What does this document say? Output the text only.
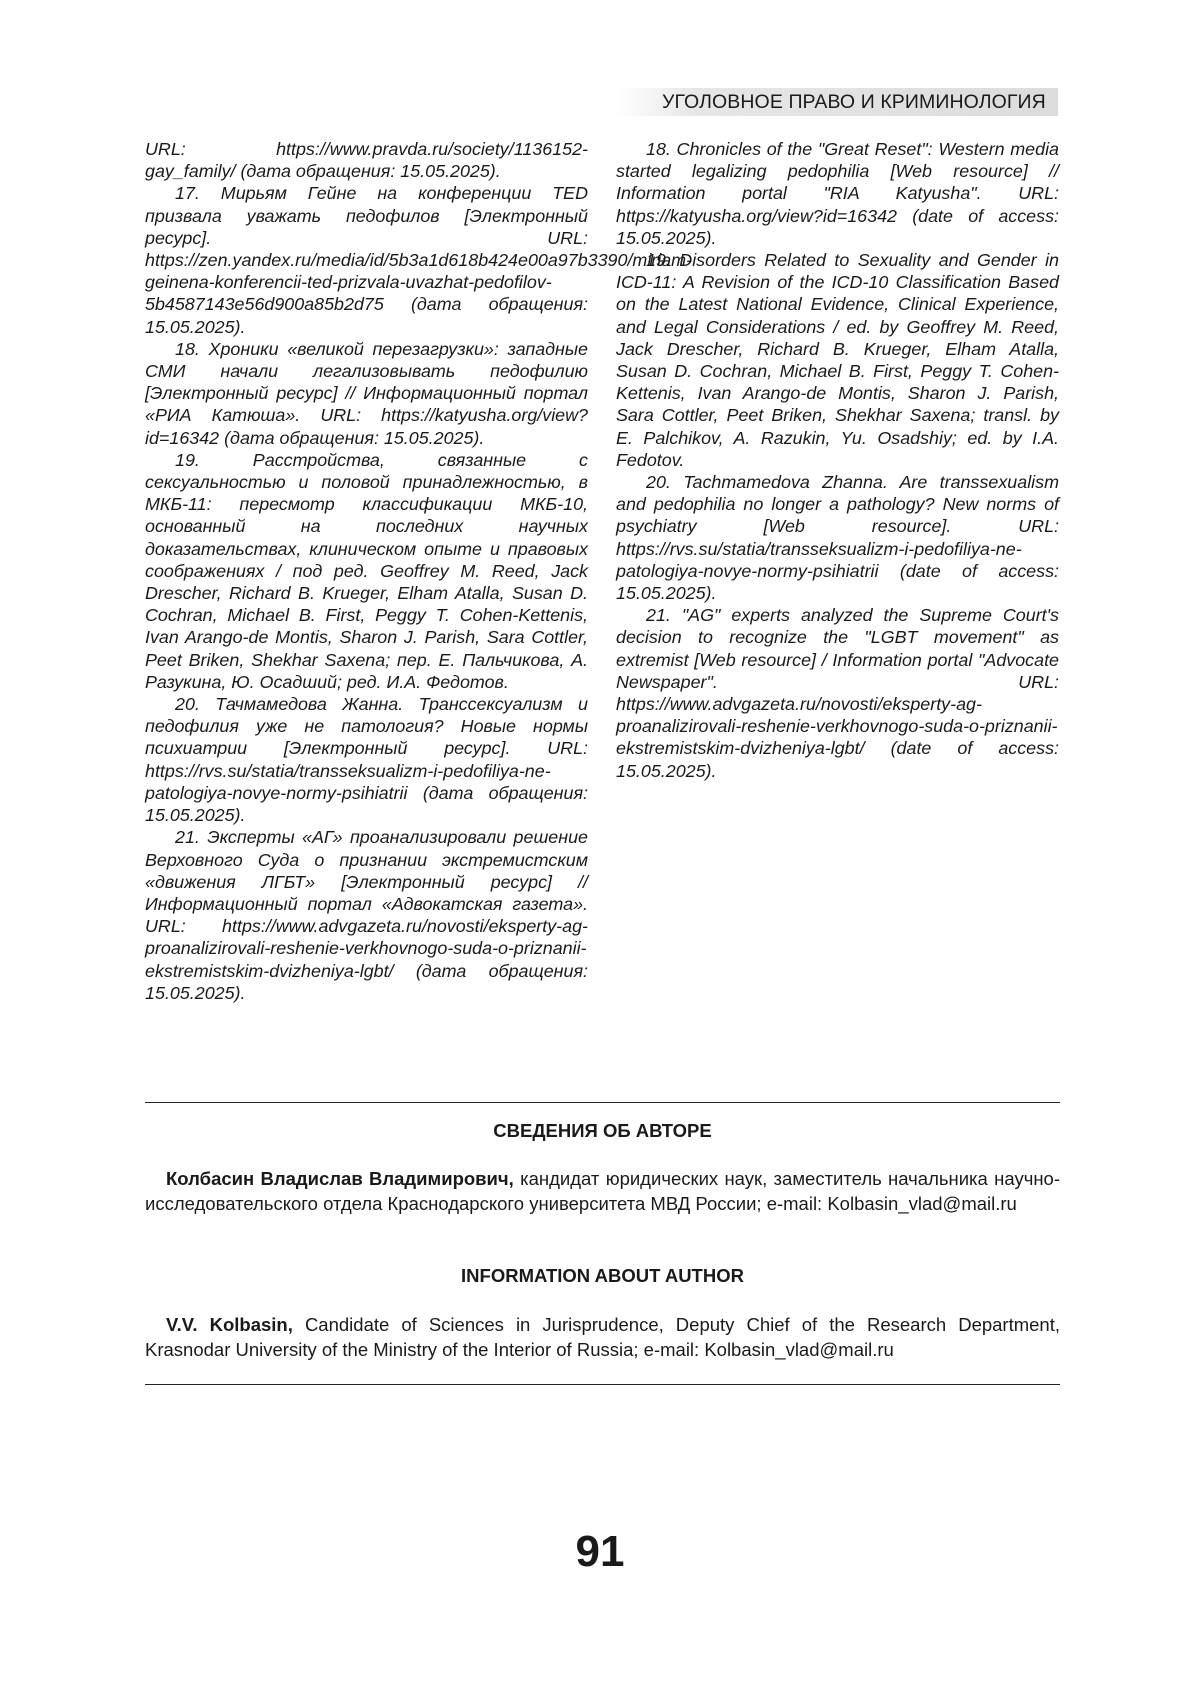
УГОЛОВНОЕ ПРАВО И КРИМИНОЛОГИЯ

URL: https://www.pravda.ru/society/1136152-gay_family/ (дата обращения: 15.05.2025).

17. Мирьям Гейне на конференции TED призвала уважать педофилов [Электронный ресурс]. URL: https://zen.yandex.ru/media/id/5b3a1d618b424e00a97b3390/miriam-geinena-konferencii-ted-prizvala-uvazhat-pedofilov-5b4587143e56d900a85b2d75 (дата обращения: 15.05.2025).

18. Хроники «великой перезагрузки»: западные СМИ начали легализовывать педофилию [Электронный ресурс] // Информационный портал «РИА Катюша». URL: https://katyusha.org/view?id=16342 (дата обращения: 15.05.2025).

19. Расстройства, связанные с сексуальностью и половой принадлежностью, в МКБ-11: пересмотр классификации МКБ-10, основанный на последних научных доказательствах, клиническом опыте и правовых соображениях / под ред. Geoffrey M. Reed, Jack Drescher, Richard B. Krueger, Elham Atalla, Susan D. Cochran, Michael B. First, Peggy T. Cohen-Kettenis, Ivan Arango-de Montis, Sharon J. Parish, Sara Cottler, Peet Briken, Shekhar Saxena; пер. Е. Пальчикова, А. Разукина, Ю. Осадший; ред. И.А. Федотов.

20. Тачмамедова Жанна. Транссексуализм и педофилия уже не патология? Новые нормы психиатрии [Электронный ресурс]. URL: https://rvs.su/statia/transseksualizm-i-pedofiliya-ne-patologiya-novye-normy-psihiatrii (дата обращения: 15.05.2025).

21. Эксперты «АГ» проанализировали решение Верховного Суда о признании экстремистским «движения ЛГБТ» [Электронный ресурс] // Информационный портал «Адвокатская газета». URL: https://www.advgazeta.ru/novosti/eksperty-ag-proanalizirovali-reshenie-verkhovnogo-suda-o-priznanii-ekstremistskim-dvizheniya-lgbt/ (дата обращения: 15.05.2025).

18. Chronicles of the "Great Reset": Western media started legalizing pedophilia [Web resource] // Information portal "RIA Katyusha". URL: https://katyusha.org/view?id=16342 (date of access: 15.05.2025).

19. Disorders Related to Sexuality and Gender in ICD-11: A Revision of the ICD-10 Classification Based on the Latest National Evidence, Clinical Experience, and Legal Considerations / ed. by Geoffrey M. Reed, Jack Drescher, Richard B. Krueger, Elham Atalla, Susan D. Cochran, Michael B. First, Peggy T. Cohen-Kettenis, Ivan Arango-de Montis, Sharon J. Parish, Sara Cottler, Peet Briken, Shekhar Saxena; transl. by E. Palchikov, A. Razukin, Yu. Osadshiy; ed. by I.A. Fedotov.

20. Tachmamedova Zhanna. Are transsexualism and pedophilia no longer a pathology? New norms of psychiatry [Web resource]. URL: https://rvs.su/statia/transseksualizm-i-pedofiliya-ne-patologiya-novye-normy-psihiatrii (date of access: 15.05.2025).

21. "AG" experts analyzed the Supreme Court's decision to recognize the "LGBT movement" as extremist [Web resource] / Information portal "Advocate Newspaper". URL: https://www.advgazeta.ru/novosti/eksperty-ag-proanalizirovali-reshenie-verkhovnogo-suda-o-priznanii-ekstremistskim-dvizheniya-lgbt/ (date of access: 15.05.2025).

СВЕДЕНИЯ ОБ АВТОРЕ

Колбасин Владислав Владимирович, кандидат юридических наук, заместитель начальника научно-исследовательского отдела Краснодарского университета МВД России; e-mail: Kolbasin_vlad@mail.ru

INFORMATION ABOUT AUTHOR

V.V. Kolbasin, Candidate of Sciences in Jurisprudence, Deputy Chief of the Research Department, Krasnodar University of the Ministry of the Interior of Russia; e-mail: Kolbasin_vlad@mail.ru

91
